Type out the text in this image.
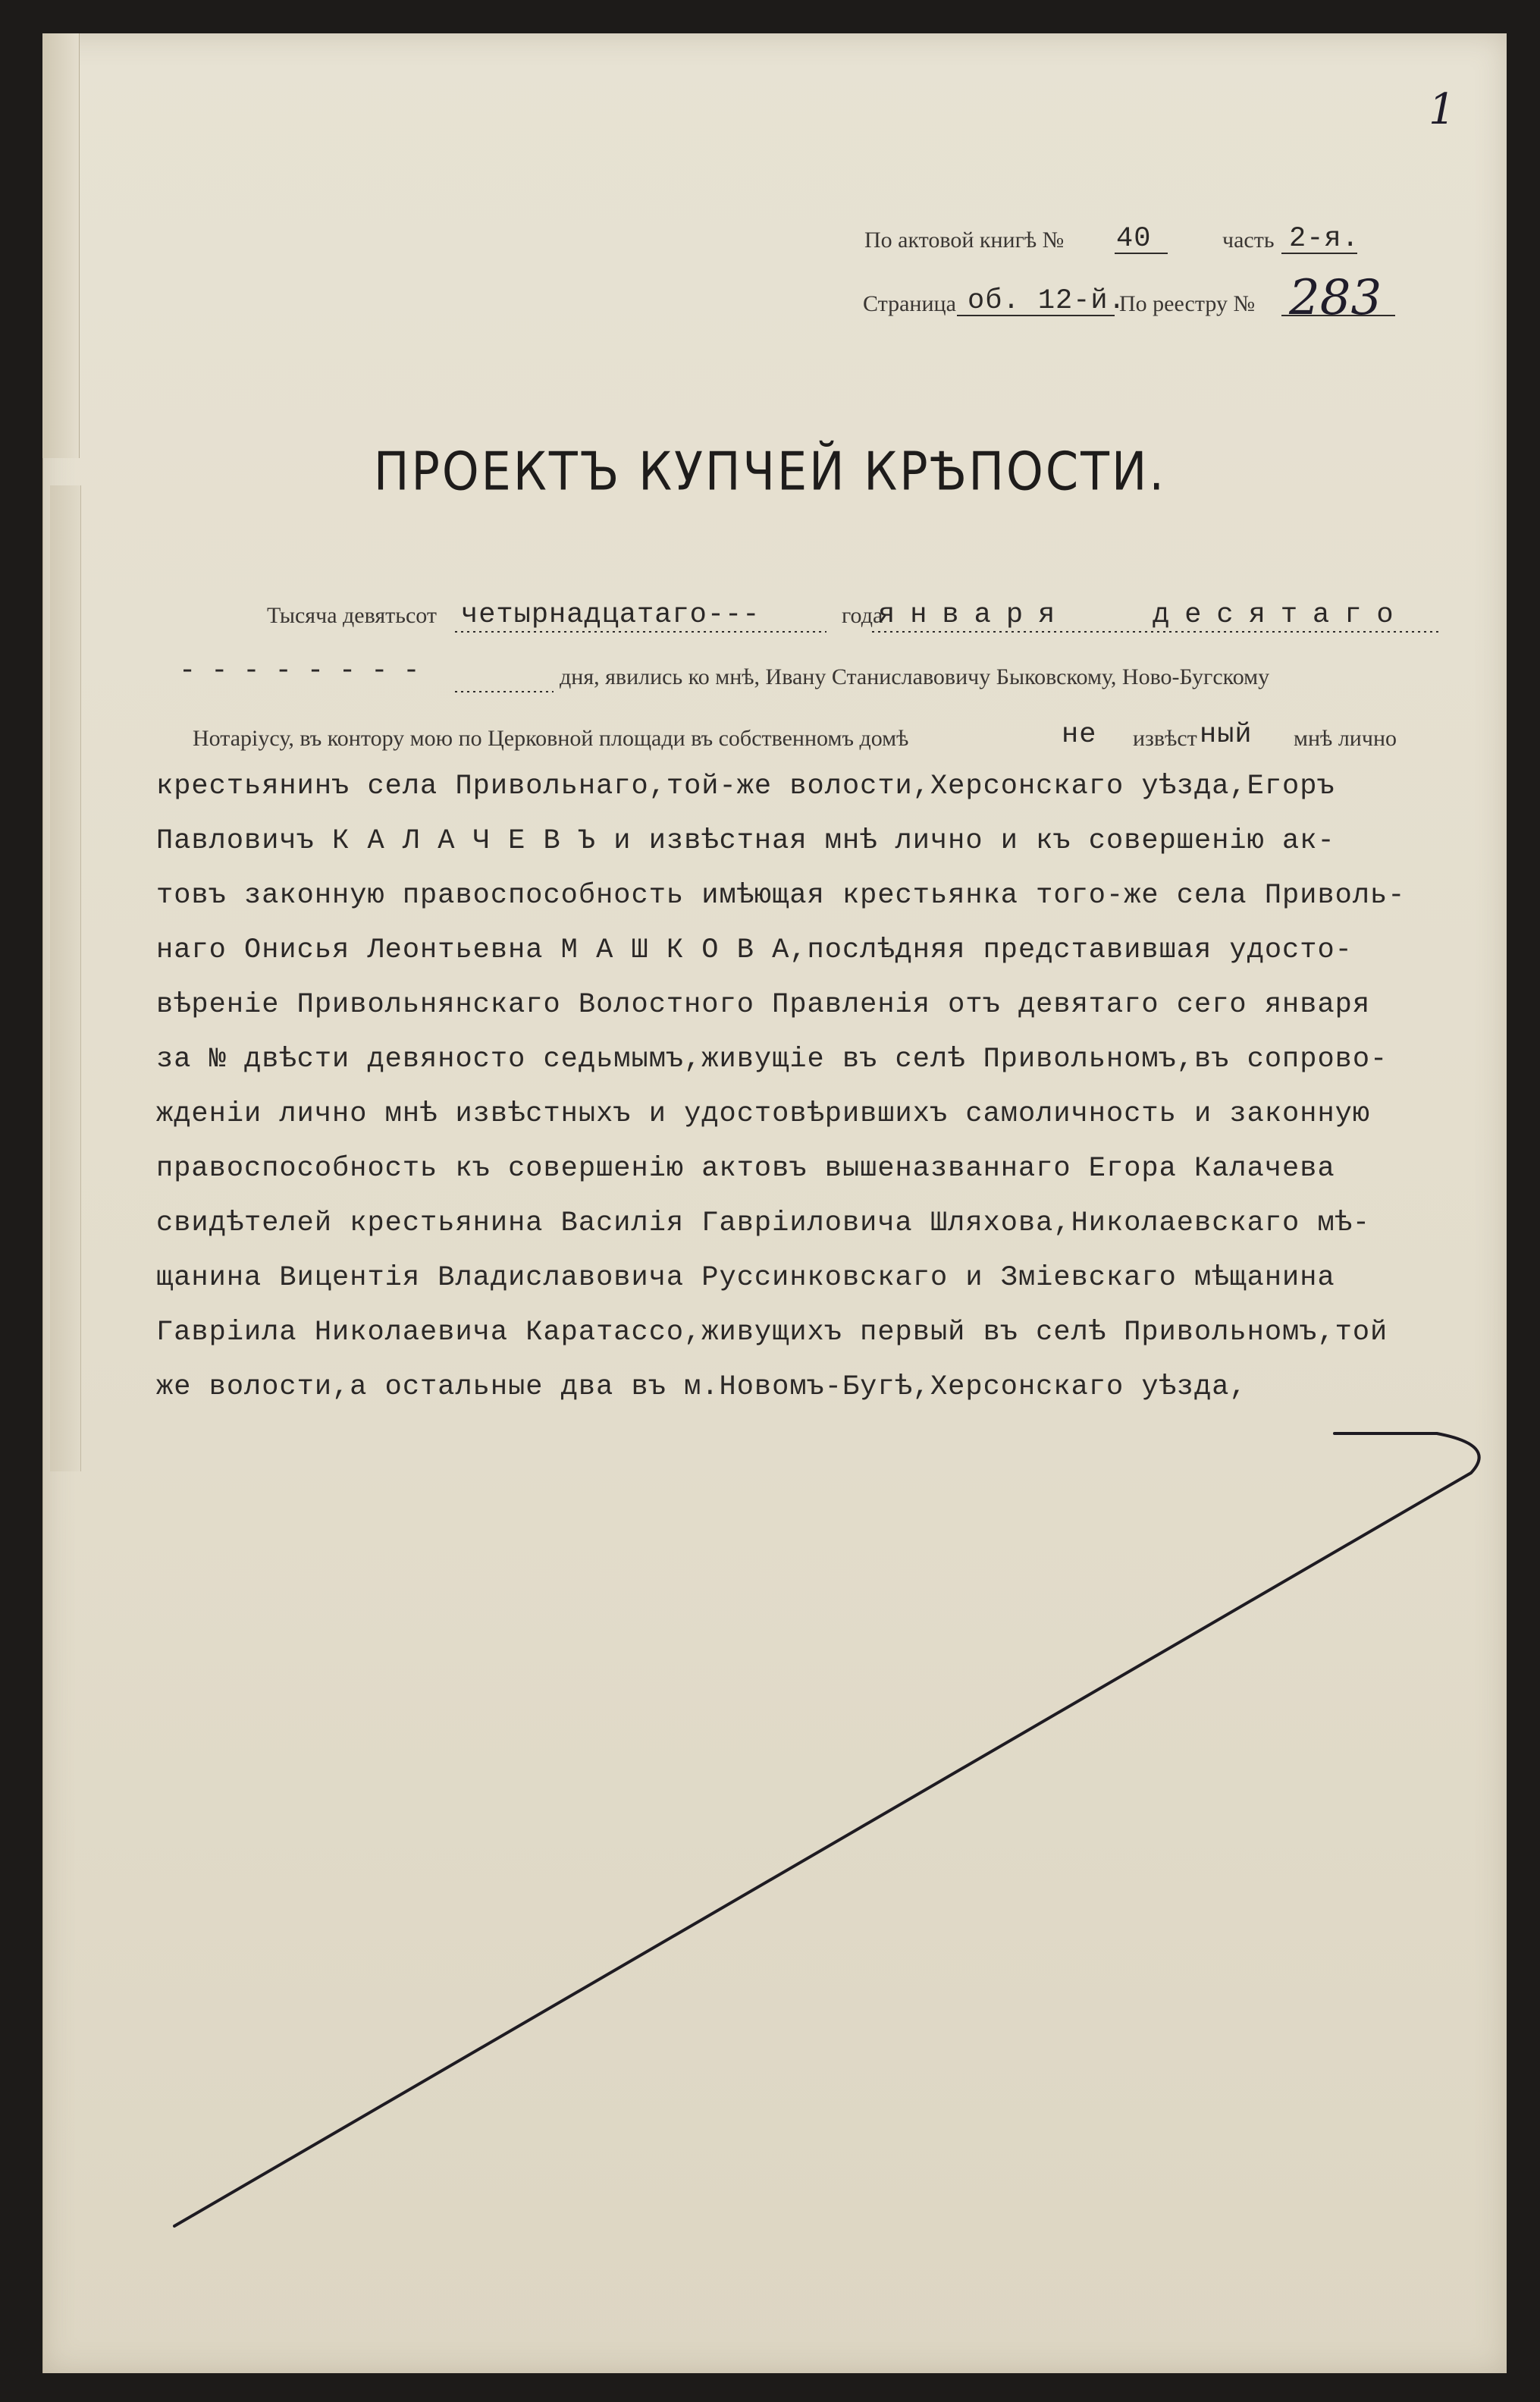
1
По актовой книгѣ № 40	часть 2-я.
Страница об. 12-й.
По реестру № 283
ПРОЕКТЪ КУПЧЕЙ КРѢПОСТИ.
Тысяча девятьсот четырнадцатаго---	года
января	десятаго
--------	дня, явились ко мнѣ, Ивану Станиславовичу Быковскому, Ново-Бугскому
Нотаріусу, въ контору мою по Церковной площади въ собственномъ домѣ	не извѣст ный мнѣ лично
крестьянинъ села Привольнаго,той-же волости,Херсонскаго уѣзда,Егоръ
Павловичъ К А Л А Ч Е В Ъ и извѣстная мнѣ лично и къ совершенію ак-
товъ законную правоспособность имѣющая крестьянка того-же села Приволь-
наго Онисья Леонтьевна М А Ш К О В А,послѣдняя представившая удосто-
вѣреніе Привольнянскаго Волостного Правленія отъ девятаго сего января
за № двѣсти девяносто седьмымъ,живущіе въ селѣ Привольномъ,въ сопрово-
жденіи лично мнѣ извѣстныхъ и удостовѣрившихъ самоличность и законную
правоспособность къ совершенію актовъ вышеназваннаго Егора Калачева
свидѣтелей крестьянина Василія Гавріиловича Шляхова,Николаевскаго мѣ-
щанина Вицентія Владиславовича Руссинковскаго и Зміевскаго мѣщанина
Гавріила Николаевича Каратассо,живущихъ первый въ селѣ Привольномъ,той
же волости,а остальные два въ м.Новомъ-Бугѣ,Херсонскаго уѣзда,
